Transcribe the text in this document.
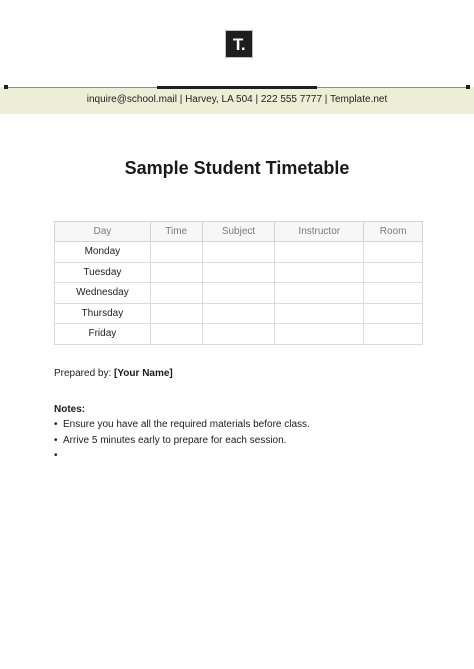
T.
inquire@school.mail | Harvey, LA 504 | 222 555 7777 | Template.net
Sample Student Timetable
Day	Time	Subject	Instructor	Room
Monday				
Tuesday				
Wednesday				
Thursday				
Friday				
Prepared by: [Your Name]
Notes:
• Ensure you have all the required materials before class.
• Arrive 5 minutes early to prepare for each session.
•
